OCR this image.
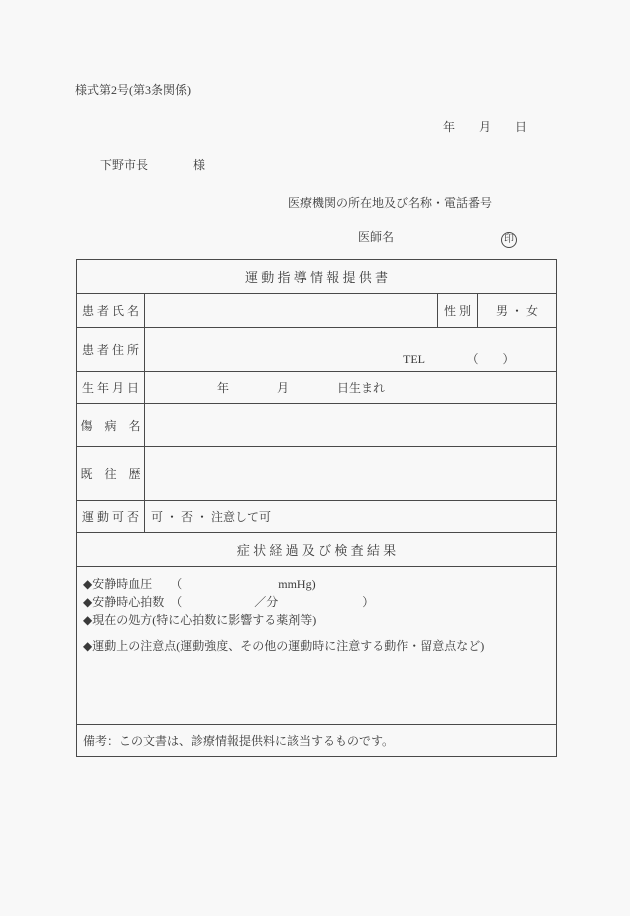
様式第2号(第3条関係)
年　　月　　日
下野市長	様
医療機関の所在地及び名称・電話番号
医師名	印
運 動 指 導 情 報 提 供 書
患 者 氏 名	性 別	男 ・ 女
患 者 住 所
TEL　　　　（　　）
生 年 月 日	年　　　　月　　　　日生まれ
傷　病　名
既　往　歴
運 動 可 否	可 ・ 否 ・ 注意して可
症 状 経 過 及 び 検 査 結 果
◆安静時血圧　　（　　　　　　　　mmHg)
◆安静時心拍数　（　　　　　　／分　　　　　　　）
◆現在の処方(特に心拍数に影響する薬剤等)
◆運動上の注意点(運動強度、その他の運動時に注意する動作・留意点など)
備考：この文書は、診療情報提供料に該当するものです。
